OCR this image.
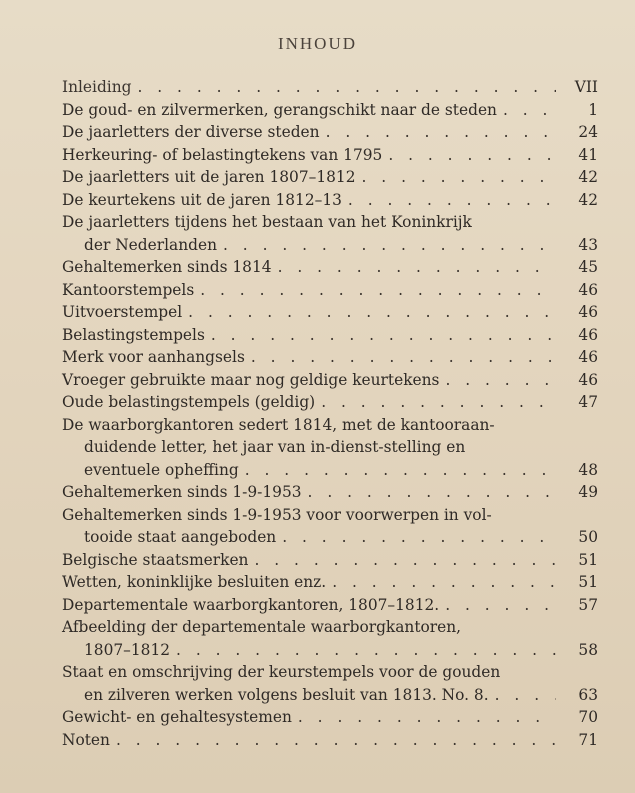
INHOUD
Inleiding . . .	VII
De goud- en zilvermerken, gerangschikt naar de steden . . .	1
De jaarletters der diverse steden . . .	24
Herkeuring- of belastingtekens van 1795 . . .	41
De jaarletters uit de jaren 1807–1812 . . .	42
De keurtekens uit de jaren 1812–13 . . .	42
De jaarletters tijdens het bestaan van het Koninkrijk
der Nederlanden . . .	43
Gehaltemerken sinds 1814 . . .	45
Kantoorstempels . . .	46
Uitvoerstempel . . .	46
Belastingstempels . . .	46
Merk voor aanhangsels . . .	46
Vroeger gebruikte maar nog geldige keurtekens . . .	46
Oude belastingstempels (geldig) . . .	47
De waarborgkantoren sedert 1814, met de kantooraan-
duidende letter, het jaar van in-dienst-stelling en
eventuele opheffing . . .	48
Gehaltemerken sinds 1-9-1953 . . .	49
Gehaltemerken sinds 1-9-1953 voor voorwerpen in vol-
tooide staat aangeboden . . .	50
Belgische staatsmerken . . .	51
Wetten, koninklijke besluiten enz. . . .	51
Departementale waarborgkantoren, 1807–1812. . . .	57
Afbeelding der departementale waarborgkantoren,
1807–1812 . . .	58
Staat en omschrijving der keurstempels voor de gouden
en zilveren werken volgens besluit van 1813. No. 8. . . .	63
Gewicht- en gehaltesystemen . . .	70
Noten . . .	71
